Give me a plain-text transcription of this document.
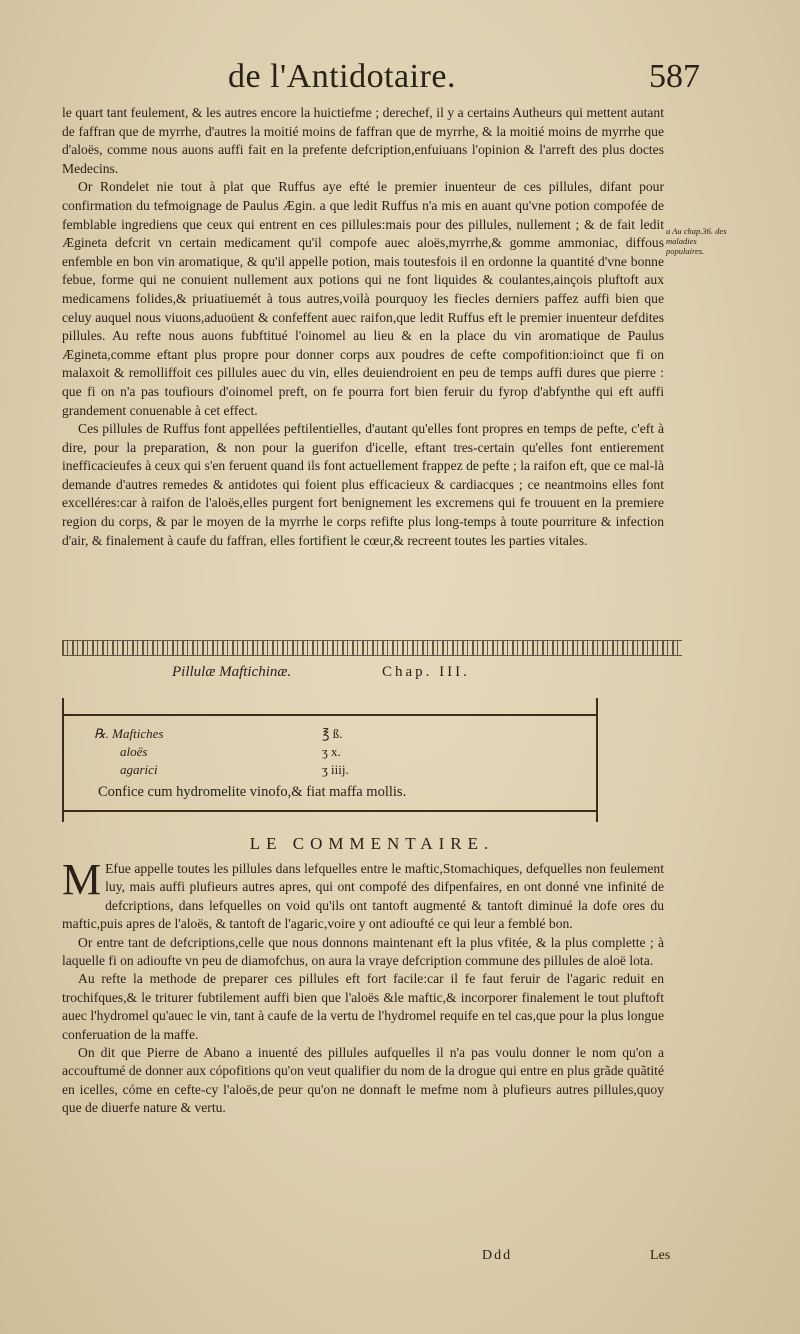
de l'Antidotaire.	587

le quart tant feulement, & les autres encore la huictiefme ; derechef, il y a certains Autheurs qui mettent autant de faffran que de myrrhe, d'autres la moitié moins de faffran que de myrrhe, & la moitié moins de myrrhe que d'aloës, comme nous auons auffi fait en la prefente defcription,enfuiuans l'opinion & l'arreft des plus doctes Medecins.

Or Rondelet nie tout à plat que Ruffus aye efté le premier inuenteur de ces pillules, difant pour confirmation du tefmoignage de Paulus Ægin. a que ledit Ruffus n'a mis en auant qu'vne potion compofée de femblable ingrediens que ceux qui entrent en ces pillules:mais pour des pillules, nullement ; & de fait ledit Ægineta defcrit vn certain medicament qu'il compofe auec aloës,myrrhe,& gomme ammoniac, diffous enfemble en bon vin aromatique, & qu'il appelle potion, mais toutesfois il en ordonne la quantité d'vne bonne febue, forme qui ne conuient nullement aux potions qui ne font liquides & coulantes,ainçois pluftoft aux medicamens folides,& priuatiuemét à tous autres,voilà pourquoy les fiecles derniers paffez auffi bien que celuy auquel nous viuons,aduoüent & confeffent auec raifon,que ledit Ruffus eft le premier inuenteur defdites pillules. Au refte nous auons fubftitué l'oinomel au lieu & en la place du vin aromatique de Paulus Ægineta,comme eftant plus propre pour donner corps aux poudres de cefte compofition:ioinct que fi on malaxoit & remolliffoit ces pillules auec du vin, elles deuiendroient en peu de temps auffi dures que pierre : que fi on n'a pas toufiours d'oinomel preft, on fe pourra fort bien feruir du fyrop d'abfynthe qui eft auffi grandement conuenable à cet effect.

Ces pillules de Ruffus font appellées peftilentielles, d'autant qu'elles font propres en temps de pefte, c'eft à dire, pour la preparation, & non pour la guerifon d'icelle, eftant tres-certain qu'elles font entierement inefficacieufes à ceux qui s'en feruent quand ils font actuellement frappez de pefte ; la raifon eft, que ce mal-là demande d'autres remedes & antidotes qui foient plus efficacieux & cardiacques ; ce neantmoins elles font excelléres:car à raifon de l'aloës,elles purgent fort benignement les excremens qui fe trouuent en la premiere region du corps, & par le moyen de la myrrhe le corps refifte plus long-temps à toute pourriture & infection d'air, & finalement à caufe du faffran, elles fortifient le cœur,& recreent toutes les parties vitales.

a Au chap.36. des maladies populaires.
Pillulæ Maftichinæ.	Chap. III.
℞. Maftiches	℥ ß.
aloës	ʒ x.
agarici	ʒ iiij.
Confice cum hydromelite vinofo,& fiat maffa mollis.
LE COMMENTAIRE.

M Efue appelle toutes les pillules dans lefquelles entre le maftic,Stomachiques, defquelles non feulement luy, mais auffi plufieurs autres apres, qui ont compofé des difpenfaires, en ont donné vne infinité de defcriptions, dans lefquelles on void qu'ils ont tantoft augmenté & tantoft diminué la dofe ores du maftic,puis apres de l'aloës, & tantoft de l'agaric,voire y ont adioufté ce qui leur a femblé bon.

Or entre tant de defcriptions,celle que nous donnons maintenant eft la plus vfitée, & la plus complette ; à laquelle fi on adioufte vn peu de diamofchus, on aura la vraye defcription commune des pillules de aloë lota.

Au refte la methode de preparer ces pillules eft fort facile:car il fe faut feruir de l'agaric reduit en trochifques,& le triturer fubtilement auffi bien que l'aloës &le maftic,& incorporer finalement le tout pluftoft auec l'hydromel qu'auec le vin, tant à caufe de la vertu de l'hydromel requife en tel cas,que pour la plus longue conferuation de la maffe.

On dit que Pierre de Abano a inuenté des pillules aufquelles il n'a pas voulu donner le nom qu'on a accouftumé de donner aux cópofitions qu'on veut qualifier du nom de la drogue qui entre en plus grãde quãtité en icelles, cóme en cefte-cy l'aloës,de peur qu'on ne donnaft le mefme nom à plufieurs autres pillules,quoy que de diuerfe nature & vertu.

Ddd	Les
